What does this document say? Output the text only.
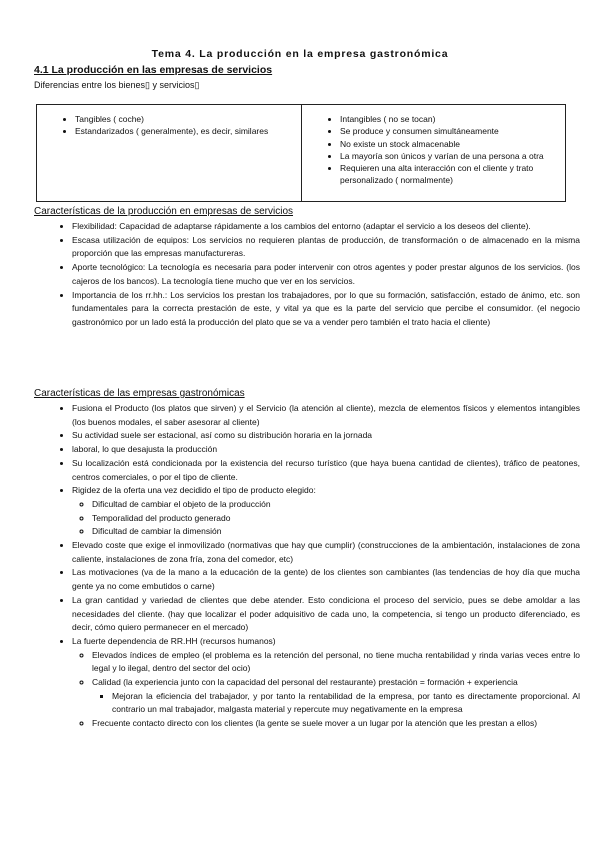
Tema 4. La producción en la empresa gastronómica
4.1 La producción en las empresas de servicios
Diferencias entre los bienes▯ y servicios▯
• Tangibles ( coche)
• Estandarizados ( generalmente), es decir, similares
• Intangibles ( no se tocan)
• Se produce y consumen simultáneamente
• No existe un stock almacenable
• La mayoría son únicos y varían de una persona a otra
• Requieren una alta interacción con el cliente y trato personalizado ( normalmente)
Características de la producción en empresas de servicios
• Flexibilidad: Capacidad de adaptarse rápidamente a los cambios del entorno (adaptar el servicio a los deseos del cliente).
• Escasa utilización de equipos: Los servicios no requieren plantas de producción, de transformación o de almacenado en la misma proporción que las empresas manufactureras.
• Aporte tecnológico: La tecnología es necesaria para poder intervenir con otros agentes y poder prestar algunos de los servicios. (los cajeros de los bancos). La tecnología tiene mucho que ver en los servicios.
• Importancia de los rr.hh.: Los servicios los prestan los trabajadores, por lo que su formación, satisfacción, estado de ánimo, etc. son fundamentales para la correcta prestación de este, y vital ya que es la parte del servicio que percibe el consumidor. (el negocio gastronómico por un lado está la producción del plato que se va a vender pero también el trato hacia el cliente)
Características de las empresas gastronómicas
• Fusiona el Producto (los platos que sirven) y el Servicio (la atención al cliente), mezcla de elementos físicos y elementos intangibles (los buenos modales, el saber asesorar al cliente)
• Su actividad suele ser estacional, así como su distribución horaria en la jornada
• laboral, lo que desajusta la producción
• Su localización está condicionada por la existencia del recurso turístico (que haya buena cantidad de clientes), tráfico de peatones, centros comerciales, o por el tipo de cliente.
• Rigidez de la oferta una vez decidido el tipo de producto elegido:
◦ Dificultad de cambiar el objeto de la producción
◦ Temporalidad del producto generado
◦ Dificultad de cambiar la dimensión
• Elevado coste que exige el inmovilizado (normativas que hay que cumplir) (construcciones de la ambientación, instalaciones de zona caliente, instalaciones de zona fría, zona del comedor, etc)
• Las motivaciones (va de la mano a la educación de la gente) de los clientes son cambiantes (las tendencias de hoy día que mucha gente ya no come embutidos o carne)
• La gran cantidad y variedad de clientes que debe atender. Esto condiciona el proceso del servicio, pues se debe amoldar a las necesidades del cliente. (hay que localizar el poder adquisitivo de cada uno, la competencia, si tengo un producto diferenciado, es decir, cómo quiero permanecer en el mercado)
• La fuerte dependencia de RR.HH (recursos humanos)
◦ Elevados índices de empleo (el problema es la retención del personal, no tiene mucha rentabilidad y rinda varias veces entre lo legal y lo ilegal, dentro del sector del ocio)
◦ Calidad (la experiencia junto con la capacidad del personal del restaurante) prestación = formación + experiencia
▪ Mejoran la eficiencia del trabajador, y por tanto la rentabilidad de la empresa, por tanto es directamente proporcional. Al contrario un mal trabajador, malgasta material y repercute muy negativamente en la empresa
◦ Frecuente contacto directo con los clientes (la gente se suele mover a un lugar por la atención que les prestan a ellos)
